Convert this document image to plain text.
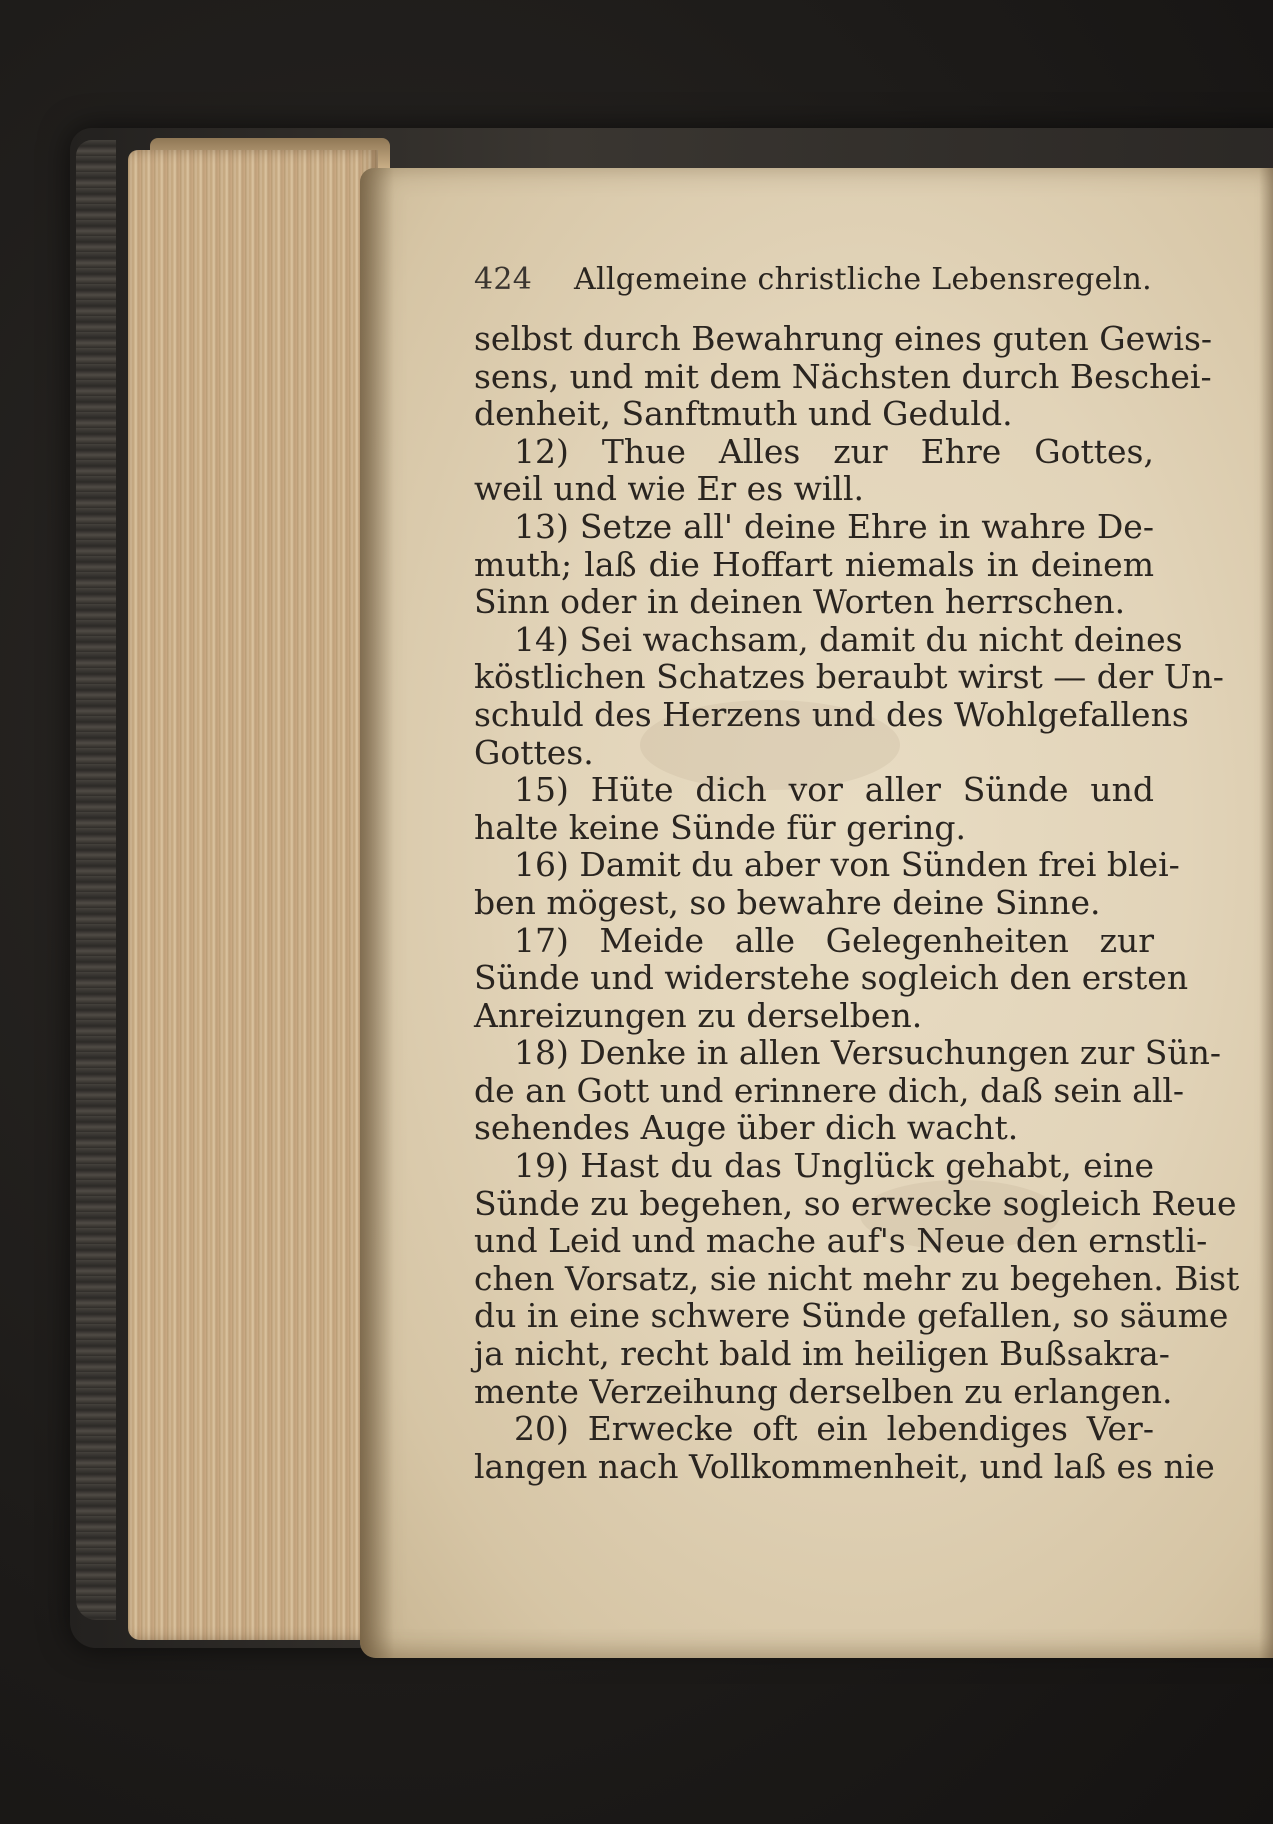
424	Allgemeine christliche Lebensregeln.
selbst durch Bewahrung eines guten Gewis-
sens, und mit dem Nächsten durch Beschei-
denheit, Sanftmuth und Geduld.
12) Thue Alles zur Ehre Gottes,
weil und wie Er es will.
13) Setze all' deine Ehre in wahre De-
muth; laß die Hoffart niemals in deinem
Sinn oder in deinen Worten herrschen.
14) Sei wachsam, damit du nicht deines
köstlichen Schatzes beraubt wirst — der Un-
schuld des Herzens und des Wohlgefallens
Gottes.
15) Hüte dich vor aller Sünde und
halte keine Sünde für gering.
16) Damit du aber von Sünden frei blei-
ben mögest, so bewahre deine Sinne.
17) Meide alle Gelegenheiten zur
Sünde und widerstehe sogleich den ersten
Anreizungen zu derselben.
18) Denke in allen Versuchungen zur Sün-
de an Gott und erinnere dich, daß sein all-
sehendes Auge über dich wacht.
19) Hast du das Unglück gehabt, eine
Sünde zu begehen, so erwecke sogleich Reue
und Leid und mache auf's Neue den ernstli-
chen Vorsatz, sie nicht mehr zu begehen. Bist
du in eine schwere Sünde gefallen, so säume
ja nicht, recht bald im heiligen Bußsakra-
mente Verzeihung derselben zu erlangen.
20) Erwecke oft ein lebendiges Ver-
langen nach Vollkommenheit, und laß es nie
